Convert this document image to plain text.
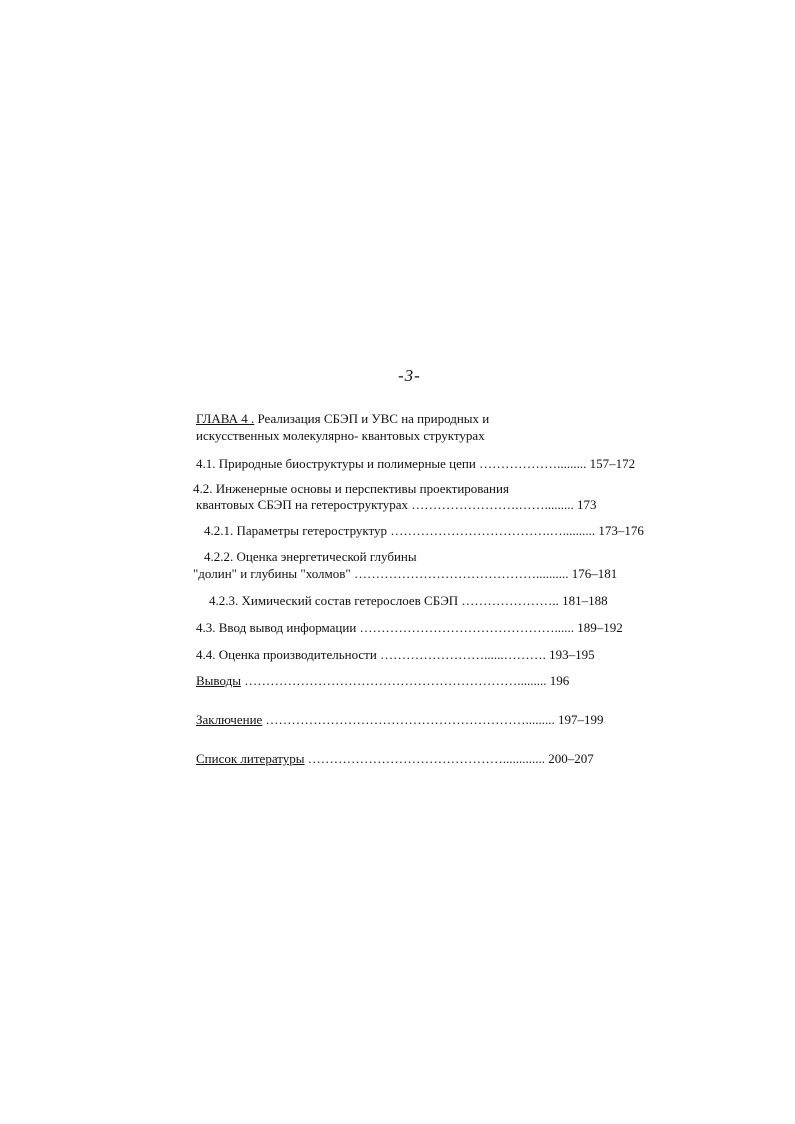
-3-
ГЛАВА 4 . Реализация СБЭП и УВС на природных и
искусственных молекулярно- квантовых структурах
4.1. Природные биоструктуры и полимерные цепи ………………......... 157–172
4.2. Инженерные основы и перспективы проектирования
квантовых СБЭП на гетероструктурах …………………….……......... 173
4.2.1. Параметры гетероструктур ……………………………….….......... 173–176
4.2.2. Оценка энергетической глубины
"долин" и глубины "холмов" …………………………………….......... 176–181
4.2.3. Химический состав гетерослоев СБЭП ………………….. 181–188
4.3. Ввод вывод информации ………………………………………...... 189–192
4.4. Оценка производительности ……………………......………. 193–195
Выводы ………………………………………………………......... 196
Заключение ……………………………………………………......... 197–199
Список литературы ………………………………………............. 200–207
